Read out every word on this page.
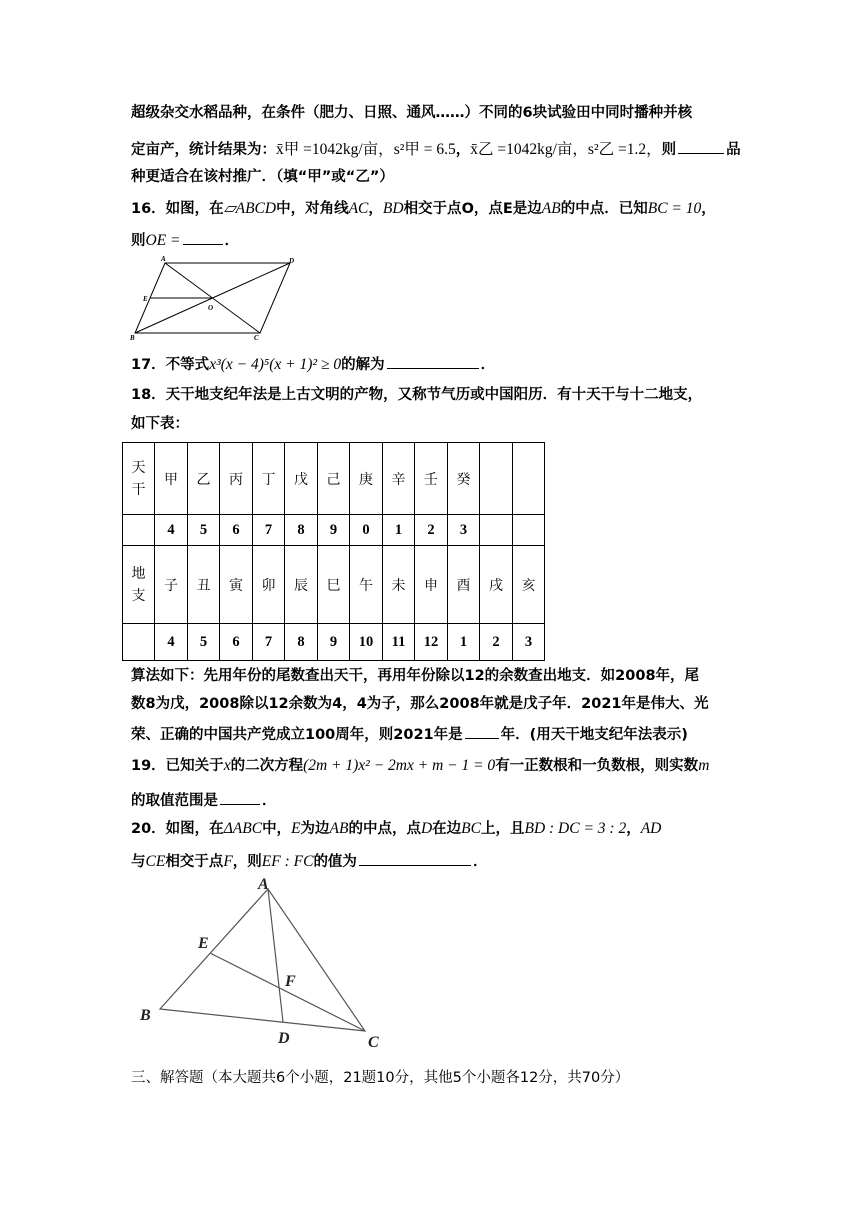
超级杂交水稻品种，在条件（肥力、日照、通风……）不同的6块试验田中同时播种并核
定亩产，统计结果为：x̄甲 =1042kg/亩，s²甲 = 6.5，x̄乙 =1042kg/亩，s²乙 =1.2，则	品
种更适合在该村推广．（填“甲”或“乙”）
16．如图，在▱ABCD中，对角线AC，BD相交于点O，点E是边AB的中点．已知BC = 10，
则OE =	．
A	D
B	C
E
O
17．不等式x³(x − 4)⁵(x + 1)² ≥ 0的解为	．
18．天干地支纪年法是上古文明的产物，又称节气历或中国阳历．有十天干与十二地支，
如下表：
天
干	甲	乙	丙	丁	戊	己	庚	辛	壬	癸		
	4	5	6	7	8	9	0	1	2	3		
地
支	子	丑	寅	卯	辰	巳	午	未	申	酉	戌	亥
	4	5	6	7	8	9	10	11	12	1	2	3
算法如下：先用年份的尾数查出天干，再用年份除以12的余数查出地支．如2008年，尾
数8为戊，2008除以12余数为4，4为子，那么2008年就是戊子年．2021年是伟大、光
荣、正确的中国共产党成立100周年，则2021年是	年．(用天干地支纪年法表示)
19．已知关于x的二次方程(2m + 1)x² − 2mx + m − 1 = 0有一正数根和一负数根，则实数m
的取值范围是	．
20．如图，在ΔABC中，E为边AB的中点，点D在边BC上，且BD : DC = 3 : 2，AD
与CE相交于点F，则EF : FC的值为	．
A
B
C
D
E
F
三、解答题（本大题共6个小题，21题10分，其他5个小题各12分，共70分）
